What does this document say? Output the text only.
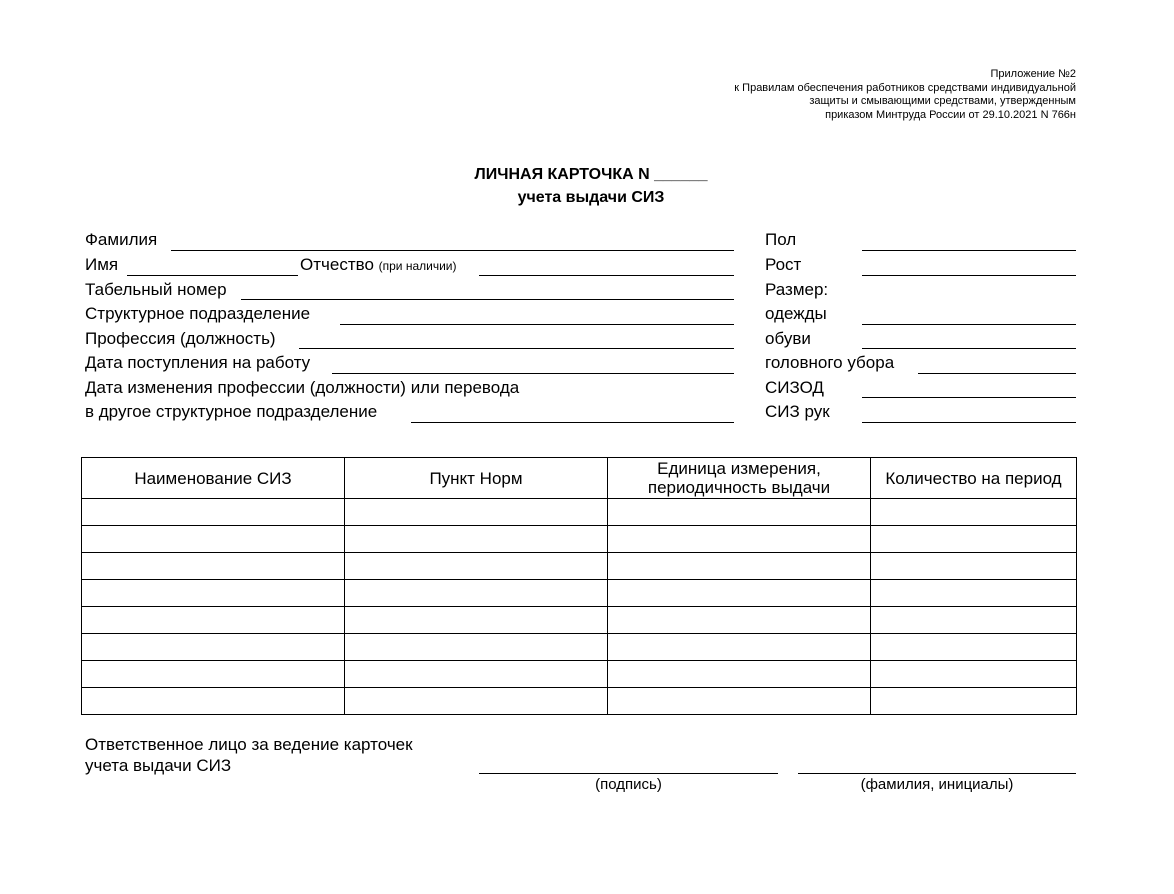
Приложение №2
к Правилам обеспечения работников средствами индивидуальной
защиты и смывающими средствами, утвержденным
приказом Минтруда России от 29.10.2021 N 766н
ЛИЧНАЯ КАРТОЧКА N ______
учета выдачи СИЗ
Фамилия
Имя	Отчество (при наличии)
Табельный номер
Структурное подразделение
Профессия (должность)
Дата поступления на работу
Дата изменения профессии (должности) или перевода
в другое структурное подразделение
Пол
Рост
Размер:
одежды
обуви
головного убора
СИЗОД
СИЗ рук
Наименование СИЗ	Пункт Норм	Единица измерения, периодичность выдачи	Количество на период

Ответственное лицо за ведение карточек
учета выдачи СИЗ
(подпись)	(фамилия, инициалы)
